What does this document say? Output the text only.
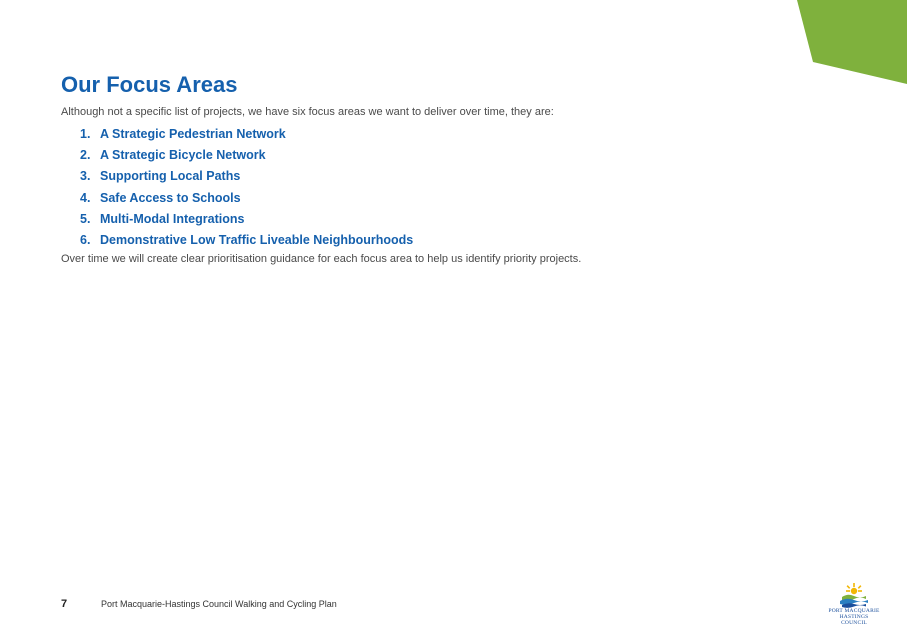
Our Focus Areas

Although not a specific list of projects, we have six focus areas we want to deliver over time, they are:

1. A Strategic Pedestrian Network
2. A Strategic Bicycle Network
3. Supporting Local Paths
4. Safe Access to Schools
5. Multi-Modal Integrations
6. Demonstrative Low Traffic Liveable Neighbourhoods

Over time we will create clear prioritisation guidance for each focus area to help us identify priority projects.

7	Port Macquarie-Hastings Council Walking and Cycling Plan
PORT MACQUARIE
HASTINGS COUNCIL
